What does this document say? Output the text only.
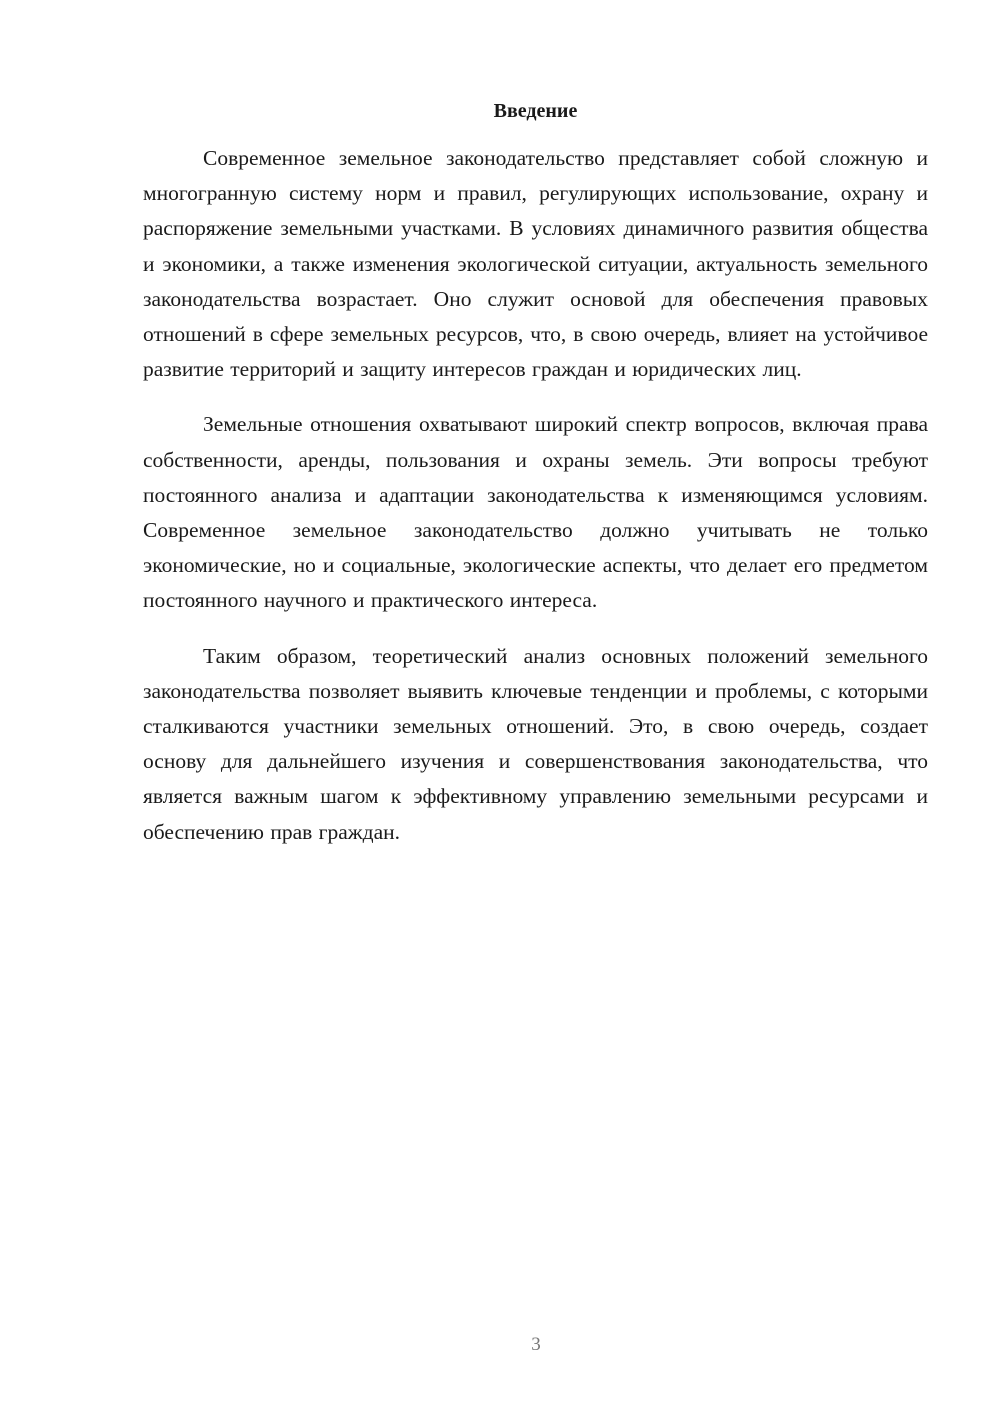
Введение

Современное земельное законодательство представляет собой сложную и многогранную систему норм и правил, регулирующих использование, охрану и распоряжение земельными участками. В условиях динамичного развития общества и экономики, а также изменения экологической ситуации, актуальность земельного законодательства возрастает. Оно служит основой для обеспечения правовых отношений в сфере земельных ресурсов, что, в свою очередь, влияет на устойчивое развитие территорий и защиту интересов граждан и юридических лиц.

Земельные отношения охватывают широкий спектр вопросов, включая права собственности, аренды, пользования и охраны земель. Эти вопросы требуют постоянного анализа и адаптации законодательства к изменяющимся условиям. Современное земельное законодательство должно учитывать не только экономические, но и социальные, экологические аспекты, что делает его предметом постоянного научного и практического интереса.

Таким образом, теоретический анализ основных положений земельного законодательства позволяет выявить ключевые тенденции и проблемы, с которыми сталкиваются участники земельных отношений. Это, в свою очередь, создает основу для дальнейшего изучения и совершенствования законодательства, что является важным шагом к эффективному управлению земельными ресурсами и обеспечению прав граждан.

3
